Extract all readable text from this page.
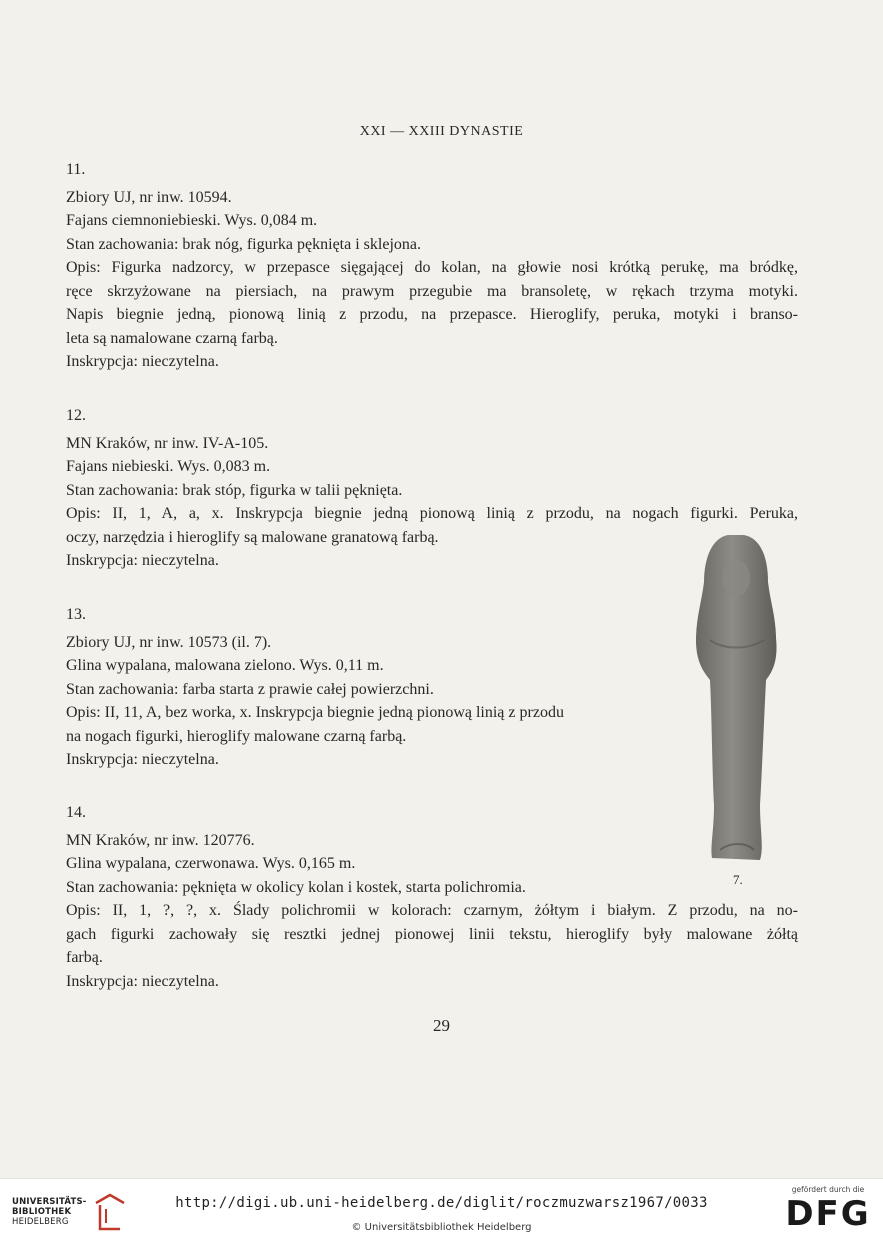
XXI — XXIII DYNASTIE
11.
Zbiory UJ, nr inw. 10594.
Fajans ciemnoniebieski. Wys. 0,084 m.
Stan zachowania: brak nóg, figurka pęknięta i sklejona.
Opis: Figurka nadzorcy, w przepasce sięgającej do kolan, na głowie nosi krótką perukę, ma bródkę,
ręce skrzyżowane na piersiach, na prawym przegubie ma bransoletę, w rękach trzyma motyki.
Napis biegnie jedną, pionową linią z przodu, na przepasce. Hieroglify, peruka, motyki i branso-
leta są namalowane czarną farbą.
Inskrypcja: nieczytelna.
12.
MN Kraków, nr inw. IV-A-105.
Fajans niebieski. Wys. 0,083 m.
Stan zachowania: brak stóp, figurka w talii pęknięta.
Opis: II, 1, A, a, x. Inskrypcja biegnie jedną pionową linią z przodu, na nogach figurki. Peruka,
oczy, narzędzia i hieroglify są malowane granatową farbą.
Inskrypcja: nieczytelna.
13.
Zbiory UJ, nr inw. 10573 (il. 7).
Glina wypalana, malowana zielono. Wys. 0,11 m.
Stan zachowania: farba starta z prawie całej powierzchni.
Opis: II, 11, A, bez worka, x. Inskrypcja biegnie jedną pionową linią z przodu
na nogach figurki, hieroglify malowane czarną farbą.
Inskrypcja: nieczytelna.
14.
MN Kraków, nr inw. 120776.
Glina wypalana, czerwonawa. Wys. 0,165 m.
Stan zachowania: pęknięta w okolicy kolan i kostek, starta polichromia.
Opis: II, 1, ?, ?, x. Ślady polichromii w kolorach: czarnym, żółtym i białym. Z przodu, na no-
gach figurki zachowały się resztki jednej pionowej linii tekstu, hieroglify były malowane żółtą
farbą.
Inskrypcja: nieczytelna.
7.
29
UNIVERSITÄTS-
BIBLIOTHEK
HEIDELBERG
http://digi.ub.uni-heidelberg.de/diglit/roczmuzwarsz1967/0033
© Universitätsbibliothek Heidelberg
gefördert durch die
DFG
